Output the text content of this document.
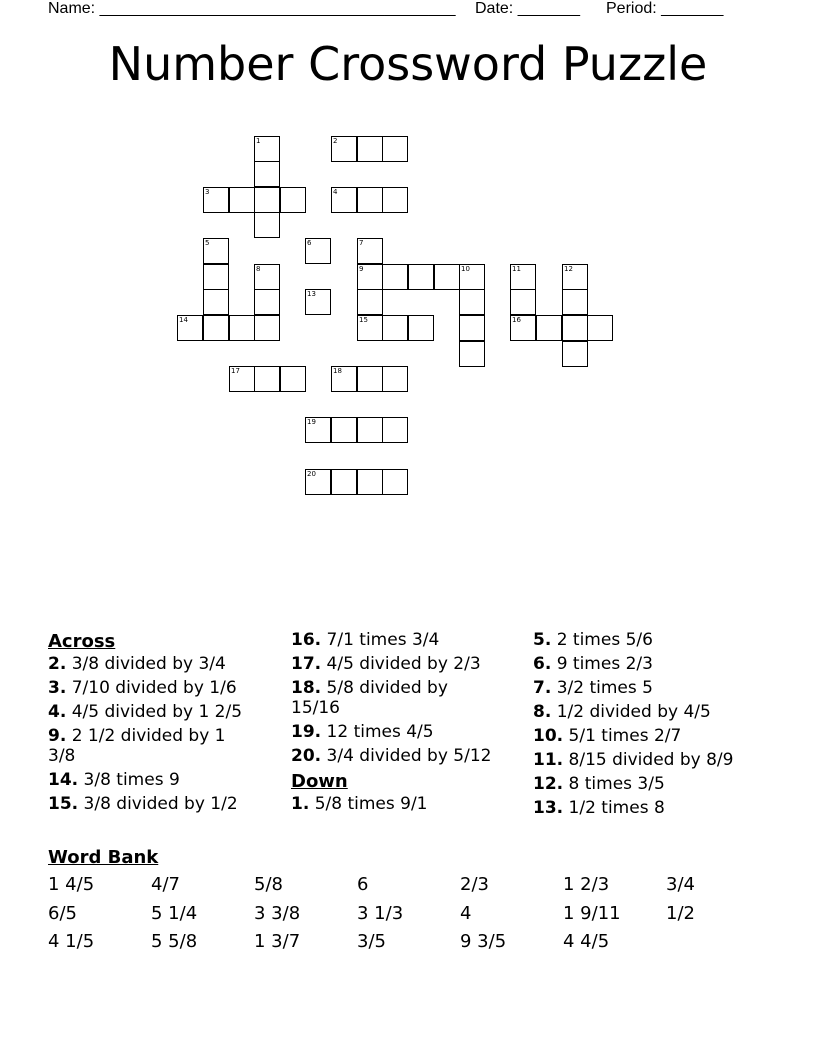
Name: ________________________________________ Date: _______ Period: _______
Number Crossword Puzzle
1
3
2
4
5
14
8
6
13
7
9
15
10	11
16
12
17	18
19
20
Across
2. 3/8 divided by 3/4
3. 7/10 divided by 1/6
4. 4/5 divided by 1 2/5
9. 2 1/2 divided by 1 3/8
14. 3/8 times 9
15. 3/8 divided by 1/2
16. 7/1 times 3/4
17. 4/5 divided by 2/3
18. 5/8 divided by 15/16
19. 12 times 4/5
20. 3/4 divided by 5/12
Down
1. 5/8 times 9/1
5. 2 times 5/6
6. 9 times 2/3
7. 3/2 times 5
8. 1/2 divided by 4/5
10. 5/1 times 2/7
11. 8/15 divided by 8/9
12. 8 times 3/5
13. 1/2 times 8
Word Bank
1 4/5	4/7	5/8	6	2/3	1 2/3	3/4
6/5	5 1/4	3 3/8	3 1/3	4	1 9/11	1/2
4 1/5	5 5/8	1 3/7	3/5	9 3/5	4 4/5
